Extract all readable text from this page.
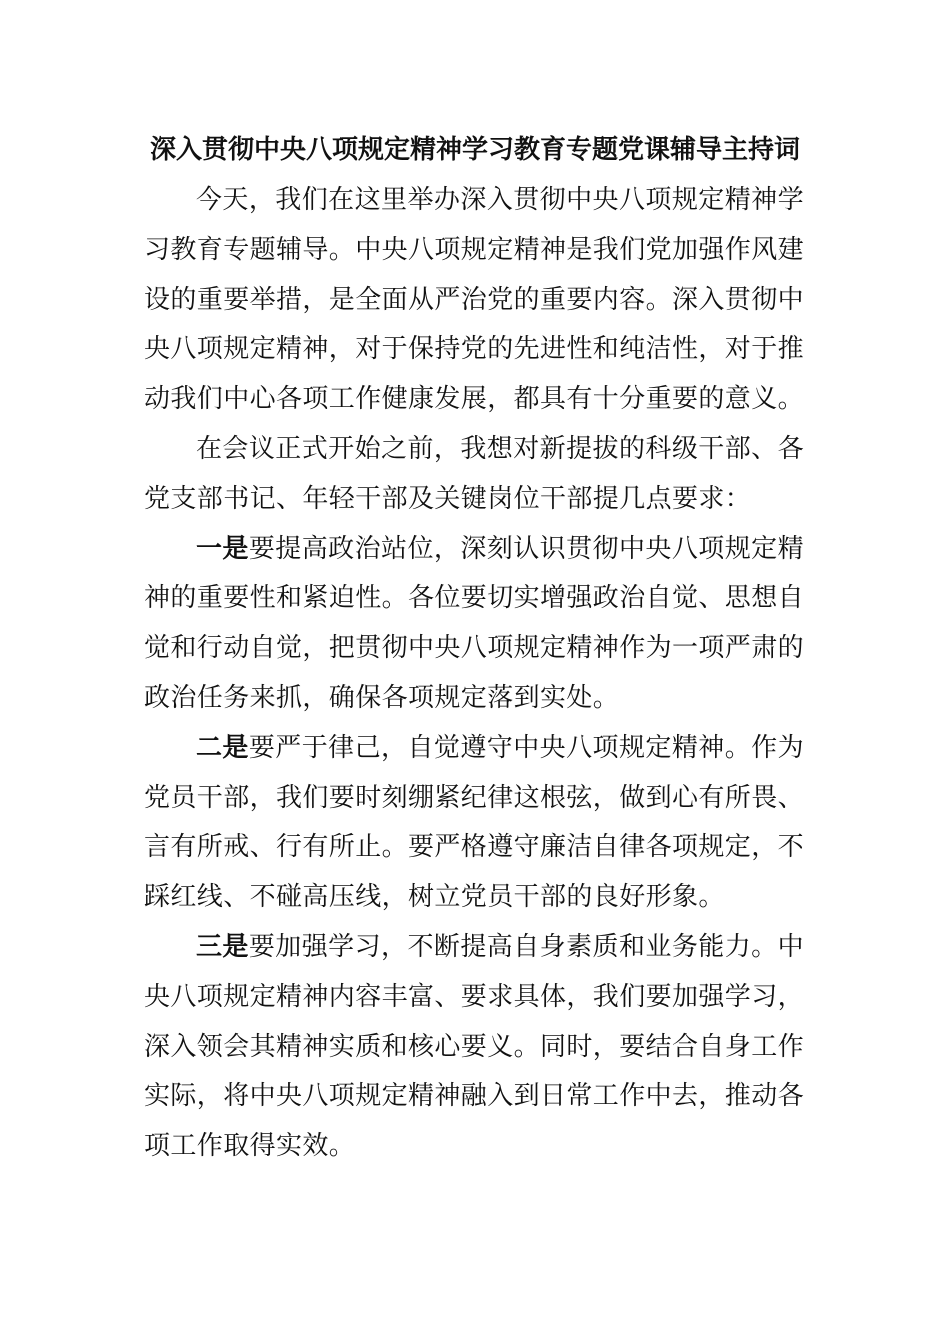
深入贯彻中央八项规定精神学习教育专题党课辅导主持词

今天，我们在这里举办深入贯彻中央八项规定精神学习教育专题辅导。中央八项规定精神是我们党加强作风建设的重要举措，是全面从严治党的重要内容。深入贯彻中央八项规定精神，对于保持党的先进性和纯洁性，对于推动我们中心各项工作健康发展，都具有十分重要的意义。

在会议正式开始之前，我想对新提拔的科级干部、各党支部书记、年轻干部及关键岗位干部提几点要求：

一是要提高政治站位，深刻认识贯彻中央八项规定精神的重要性和紧迫性。各位要切实增强政治自觉、思想自觉和行动自觉，把贯彻中央八项规定精神作为一项严肃的政治任务来抓，确保各项规定落到实处。

二是要严于律己，自觉遵守中央八项规定精神。作为党员干部，我们要时刻绷紧纪律这根弦，做到心有所畏、言有所戒、行有所止。要严格遵守廉洁自律各项规定，不踩红线、不碰高压线，树立党员干部的良好形象。

三是要加强学习，不断提高自身素质和业务能力。中央八项规定精神内容丰富、要求具体，我们要加强学习，深入领会其精神实质和核心要义。同时，要结合自身工作实际，将中央八项规定精神融入到日常工作中去，推动各项工作取得实效。
